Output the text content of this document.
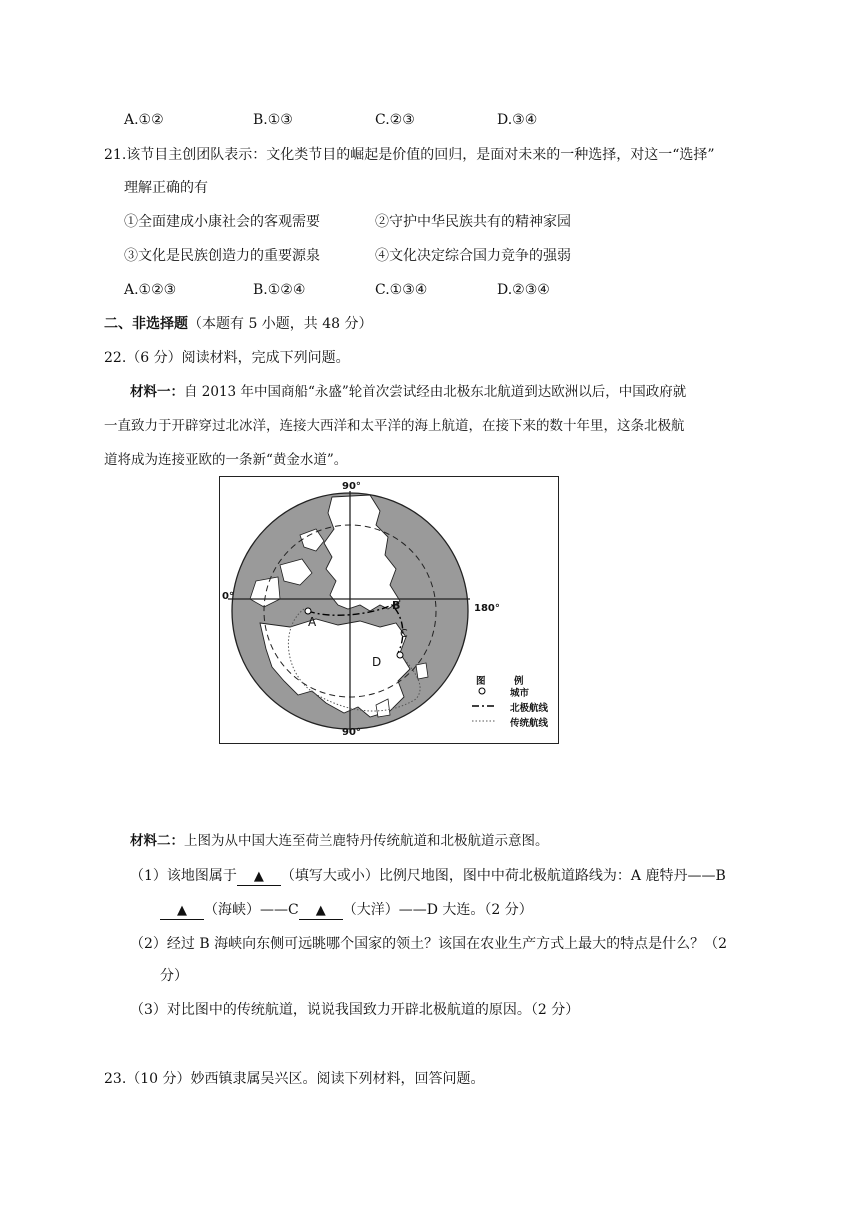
A.①②	B.①③	C.②③	D.③④
21.该节目主创团队表示：文化类节目的崛起是价值的回归，是面对未来的一种选择，对这一“选择”
理解正确的有
①全面建成小康社会的客观需要	②守护中华民族共有的精神家园
③文化是民族创造力的重要源泉	④文化决定综合国力竞争的强弱
A.①②③	B.①②④	C.①③④	D.②③④
二、非选择题（本题有 5 小题，共 48 分）
22.（6 分）阅读材料，完成下列问题。
材料一：自 2013 年中国商船“永盛”轮首次尝试经由北极东北航道到达欧洲以后，中国政府就
一直致力于开辟穿过北冰洋，连接大西洋和太平洋的海上航道，在接下来的数十年里，这条北极航
道将成为连接亚欧的一条新“黄金水道”。
90°
90°
0°
180°
A
B
C
D
图	例
城市
北极航线
传统航线
材料二：上图为从中国大连至荷兰鹿特丹传统航道和北极航道示意图。
（1）该地图属于 ▲ （填写大或小）比例尺地图，图中中荷北极航道路线为：A 鹿特丹——B
▲ （海峡）——C ▲ （大洋）——D 大连。（2 分）
（2）经过 B 海峡向东侧可远眺哪个国家的领土？该国在农业生产方式上最大的特点是什么？（2
分）
（3）对比图中的传统航道，说说我国致力开辟北极航道的原因。（2 分）
23.（10 分）妙西镇隶属吴兴区。阅读下列材料，回答问题。
